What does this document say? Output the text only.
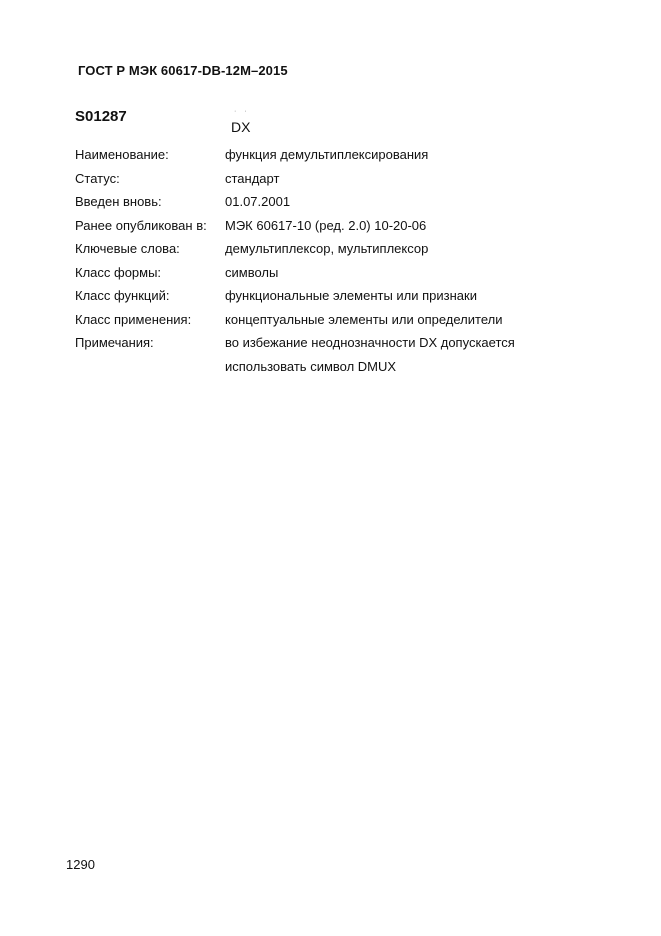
ГОСТ Р МЭК 60617-DB-12M–2015
S01287	· ·
DX
Наименование:	функция демультиплексирования
Статус:	стандарт
Введен вновь:	01.07.2001
Ранее опубликован в:	МЭК 60617-10 (ред. 2.0) 10-20-06
Ключевые слова:	демультиплексор, мультиплексор
Класс формы:	символы
Класс функций:	функциональные элементы или признаки
Класс применения:	концептуальные элементы или определители
Примечания:	во избежание неоднозначности DX допускается
использовать символ DMUX
1290
